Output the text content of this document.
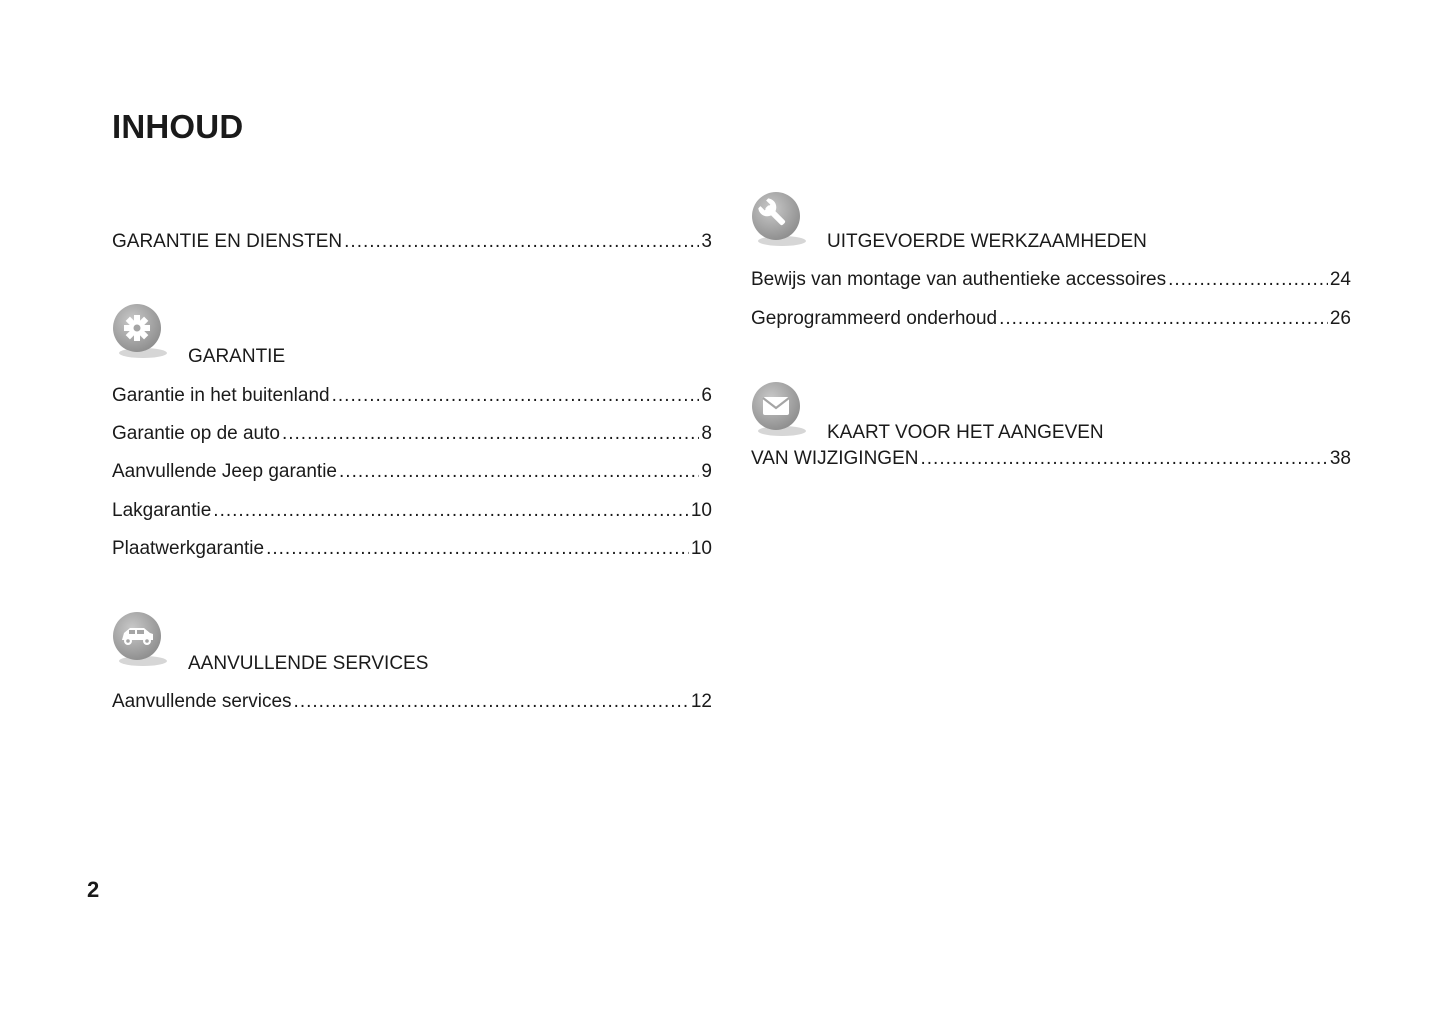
INHOUD
GARANTIE EN DIENSTEN .....	3
GARANTIE
Garantie in het buitenland .....	6
Garantie op de auto .....	8
Aanvullende Jeep garantie .....	9
Lakgarantie .....	10
Plaatwerkgarantie .....	10
AANVULLENDE SERVICES
Aanvullende services .....	12
UITGEVOERDE WERKZAAMHEDEN
Bewijs van montage van authentieke accessoires .....	24
Geprogrammeerd onderhoud .....	26
KAART VOOR HET AANGEVEN
VAN WIJZIGINGEN .....	38
2
